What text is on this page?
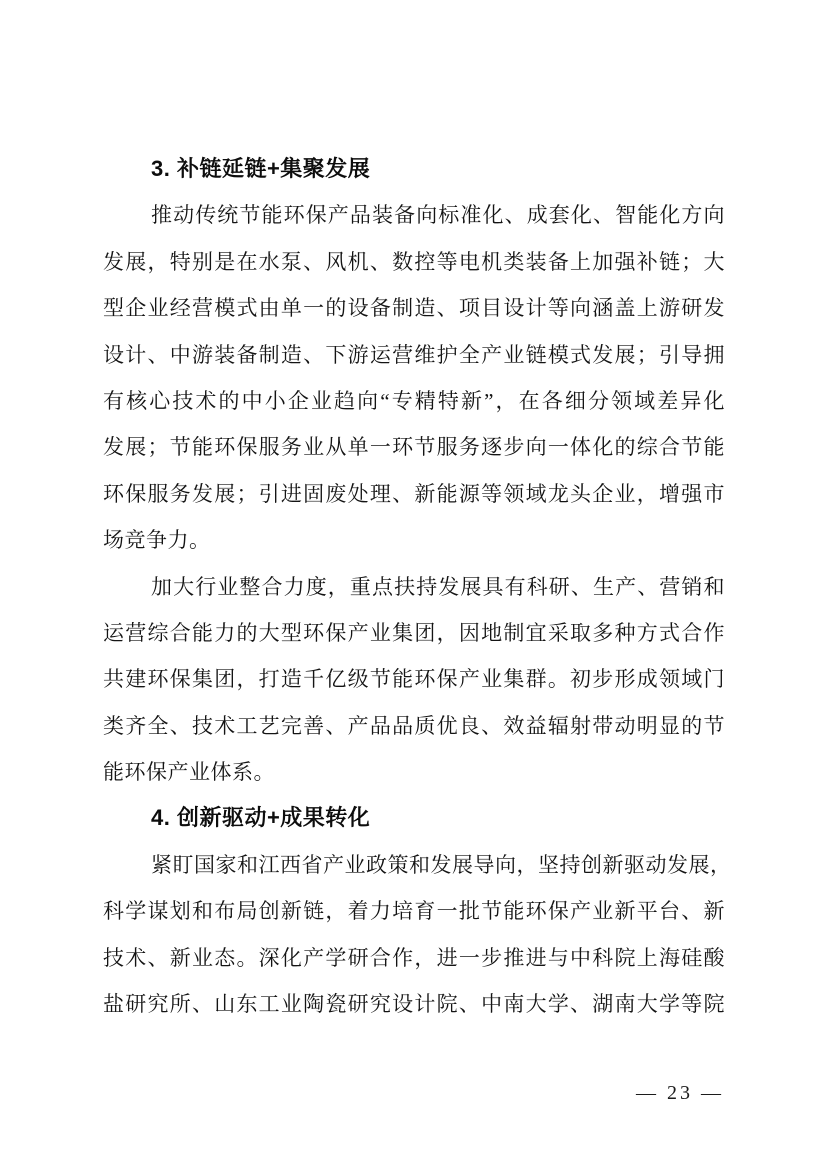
3. 补链延链+集聚发展
推动传统节能环保产品装备向标准化、成套化、智能化方向
发展，特别是在水泵、风机、数控等电机类装备上加强补链；大
型企业经营模式由单一的设备制造、项目设计等向涵盖上游研发
设计、中游装备制造、下游运营维护全产业链模式发展；引导拥
有核心技术的中小企业趋向“专精特新”，在各细分领域差异化
发展；节能环保服务业从单一环节服务逐步向一体化的综合节能
环保服务发展；引进固废处理、新能源等领域龙头企业，增强市
场竞争力。
加大行业整合力度，重点扶持发展具有科研、生产、营销和
运营综合能力的大型环保产业集团，因地制宜采取多种方式合作
共建环保集团，打造千亿级节能环保产业集群。初步形成领域门
类齐全、技术工艺完善、产品品质优良、效益辐射带动明显的节
能环保产业体系。
4. 创新驱动+成果转化
紧盯国家和江西省产业政策和发展导向，坚持创新驱动发展，
科学谋划和布局创新链，着力培育一批节能环保产业新平台、新
技术、新业态。深化产学研合作，进一步推进与中科院上海硅酸
盐研究所、山东工业陶瓷研究设计院、中南大学、湖南大学等院
— 23 —
